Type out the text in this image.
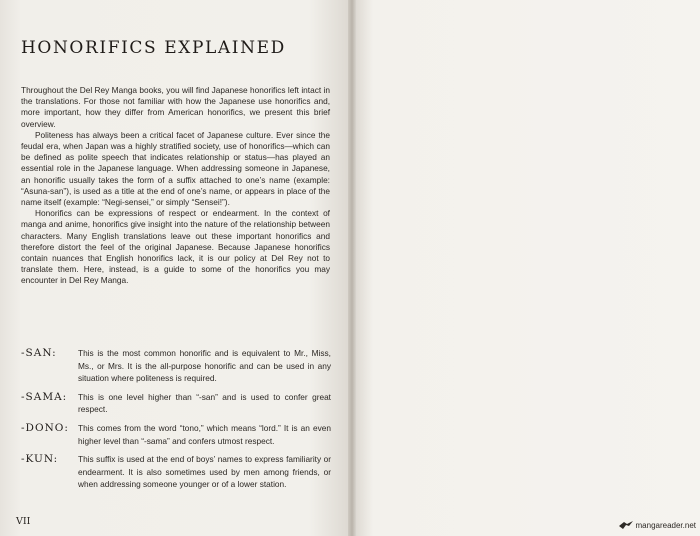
HONORIFICS EXPLAINED

Throughout the Del Rey Manga books, you will find Japanese honorifics left intact in the translations. For those not familiar with how the Japanese use honorifics and, more important, how they differ from American honorifics, we present this brief overview.

Politeness has always been a critical facet of Japanese culture. Ever since the feudal era, when Japan was a highly stratified society, use of honorifics—which can be defined as polite speech that indicates relationship or status—has played an essential role in the Japanese language. When addressing someone in Japanese, an honorific usually takes the form of a suffix attached to one’s name (example: “Asuna-san”), is used as a title at the end of one’s name, or appears in place of the name itself (example: “Negi-sensei,” or simply “Sensei!”).

Honorifics can be expressions of respect or endearment. In the context of manga and anime, honorifics give insight into the nature of the relationship between characters. Many English translations leave out these important honorifics and therefore distort the feel of the original Japanese. Because Japanese honorifics contain nuances that English honorifics lack, it is our policy at Del Rey not to translate them. Here, instead, is a guide to some of the honorifics you may encounter in Del Rey Manga.

-SAN:	This is the most common honorific and is equivalent to Mr., Miss, Ms., or Mrs. It is the all-purpose honorific and can be used in any situation where politeness is required.
-SAMA: This is one level higher than “-san” and is used to confer great respect.
-DONO: This comes from the word “tono,” which means “lord.” It is an even higher level than “-sama” and confers utmost respect.
-KUN: This suffix is used at the end of boys’ names to express familiarity or endearment. It is also sometimes used by men among friends, or when addressing someone younger or of a lower station.
VII	mangareader.net
